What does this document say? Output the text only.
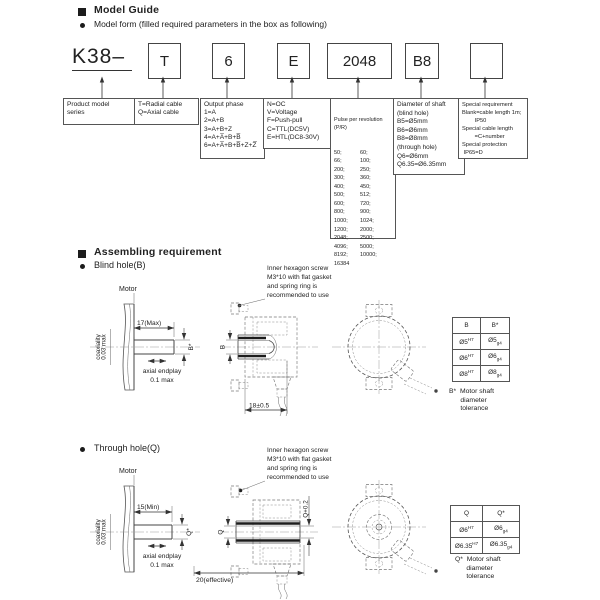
Model Guide
Model form (filled required parameters in the box as following)
K38–	T	6	E	2048	B8
Product model
series
T=Radial cable
Q=Axial cable
Output phase
1=A
2=A+B
3=A+B+Z
4=A+A̅+B+B̅
6=A+A̅+B+B̅+Z+Z̅
N=OC
V=Voltage
F=Push-pull
C=TTL(DC5V)
E=HTL(DC8-30V)

Pulse per revolution
(P/R)

50;
66;
200;
300;
400;
500;
600;
800;
1000;
1200;
2048;
4096;
8192;
16384
60;
100;
250;
360;
450;
512;
720;
900;
1024;
2000;
2500;
5000;
10000;

Diameter of shaft
(blind hole)
B5=Ø5mm
B6=Ø6mm
B8=Ø8mm
(through hole)
Q6=Ø6mm
Q6.35=Ø6.35mm
Special requirement
Blank=cable length 1m;
IP50
Special cable length
=C+number
Special protection
IP65=D
Assembling requirement
Blind hole(B)	Inner hexagon screw
M3*10 with flat gasket
and spring ring is
recommended to use
Motor
17(Max)
B*
coaxiality
0.03 max
axial endplay
0.1 max
B
18±0.5
B	B*
$Ø5^{H7}$	$Ø5_{g4}$
$Ø6^{H7}$	$Ø6_{g4}$
$Ø8^{H7}$	$Ø8_{g4}$
B*  Motor shaft
diameter
tolerance
Through hole(Q)	Inner hexagon screw
M3*10 with flat gasket
and spring ring is
recommended to use
Motor
15(Min)
Q*
coaxiality
0.03 max
axial endplay
0.1 max
Q
Q+0.2
20(effective)
Q	Q*
$Ø6^{H7}$	$Ø6_{g4}$
$Ø6.35^{H7}$	$Ø6.35_{g4}$
Q*  Motor shaft
diameter
tolerance
